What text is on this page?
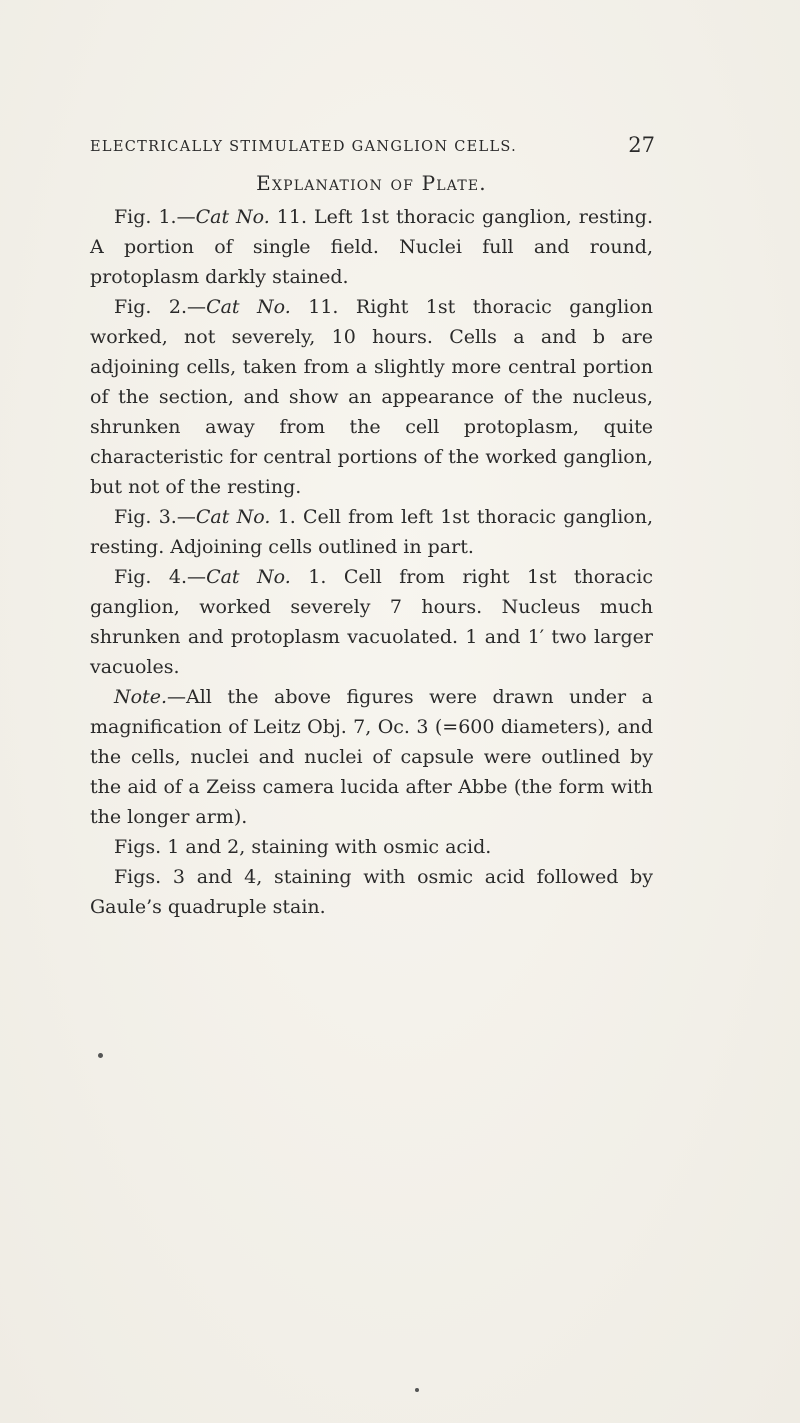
ELECTRICALLY STIMULATED GANGLION CELLS.	27
Explanation of Plate.

Fig. 1.—Cat No. 11. Left 1st thoracic ganglion, resting. A portion of single field. Nuclei full and round, protoplasm darkly stained.

Fig. 2.—Cat No. 11. Right 1st thoracic ganglion worked, not severely, 10 hours. Cells a and b are adjoining cells, taken from a slightly more central portion of the section, and show an appearance of the nucleus, shrunken away from the cell protoplasm, quite characteristic for central portions of the worked ganglion, but not of the resting.

Fig. 3.—Cat No. 1. Cell from left 1st thoracic ganglion, resting. Adjoining cells outlined in part.

Fig. 4.—Cat No. 1. Cell from right 1st thoracic ganglion, worked severely 7 hours. Nucleus much shrunken and protoplasm vacuolated. 1 and 1′ two larger vacuoles.

Note.—All the above figures were drawn under a magnification of Leitz Obj. 7, Oc. 3 (=600 diameters), and the cells, nuclei and nuclei of capsule were outlined by the aid of a Zeiss camera lucida after Abbe (the form with the longer arm).

Figs. 1 and 2, staining with osmic acid.

Figs. 3 and 4, staining with osmic acid followed by Gaule’s quadruple stain.
